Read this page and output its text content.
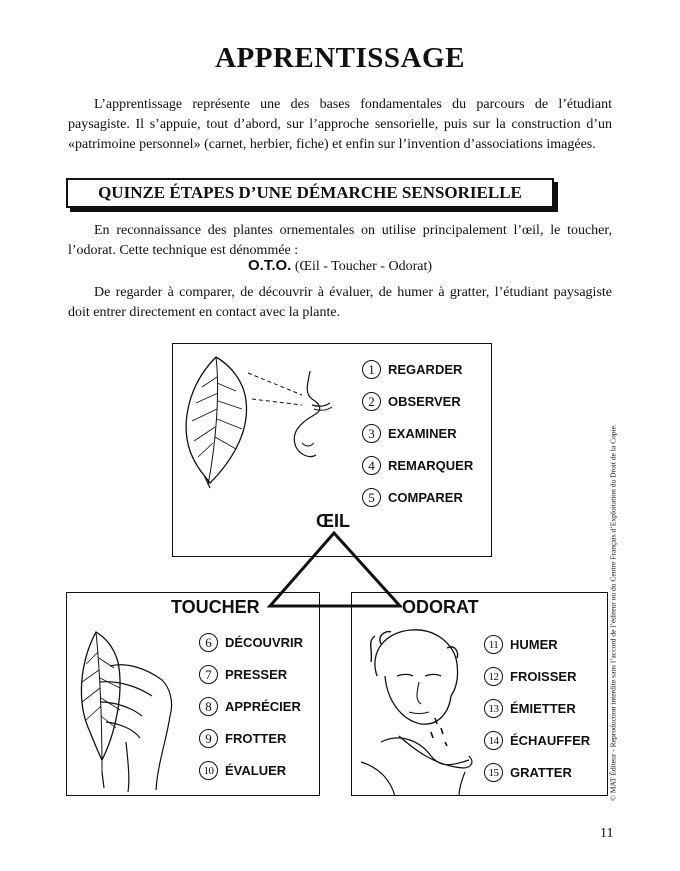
APPRENTISSAGE
L’apprentissage représente une des bases fondamentales du parcours de l’étudiant paysagiste. Il s’appuie, tout d’abord, sur l’approche sensorielle, puis sur la construction d’un «patrimoine personnel» (carnet, herbier, fiche) et enfin sur l’invention d’associations imagées.
QUINZE ÉTAPES D’UNE DÉMARCHE SENSORIELLE
En reconnaissance des plantes ornementales on utilise principalement l’œil, le toucher, l’odorat. Cette technique est dénommée :
O.T.O. (Œil - Toucher - Odorat)
De regarder à comparer, de découvrir à évaluer, de humer à gratter, l’étudiant paysagiste doit entrer directement en contact avec la plante.
1	REGARDER
2	OBSERVER
3	EXAMINER
4	REMARQUER
5	COMPARER
ŒIL
TOUCHER	ODORAT
6	DÉCOUVRIR
7	PRESSER
8	APPRÉCIER
9	FROTTER
10 ÉVALUER
11 HUMER
12 FROISSER
13 ÉMIETTER
14 ÉCHAUFFER
15 GRATTER	© MAT Éditeur - Reproduction interdite sans l’accord de l’éditeur ou du Centre Français d’Exploitation du Droit de la Copie.
11
